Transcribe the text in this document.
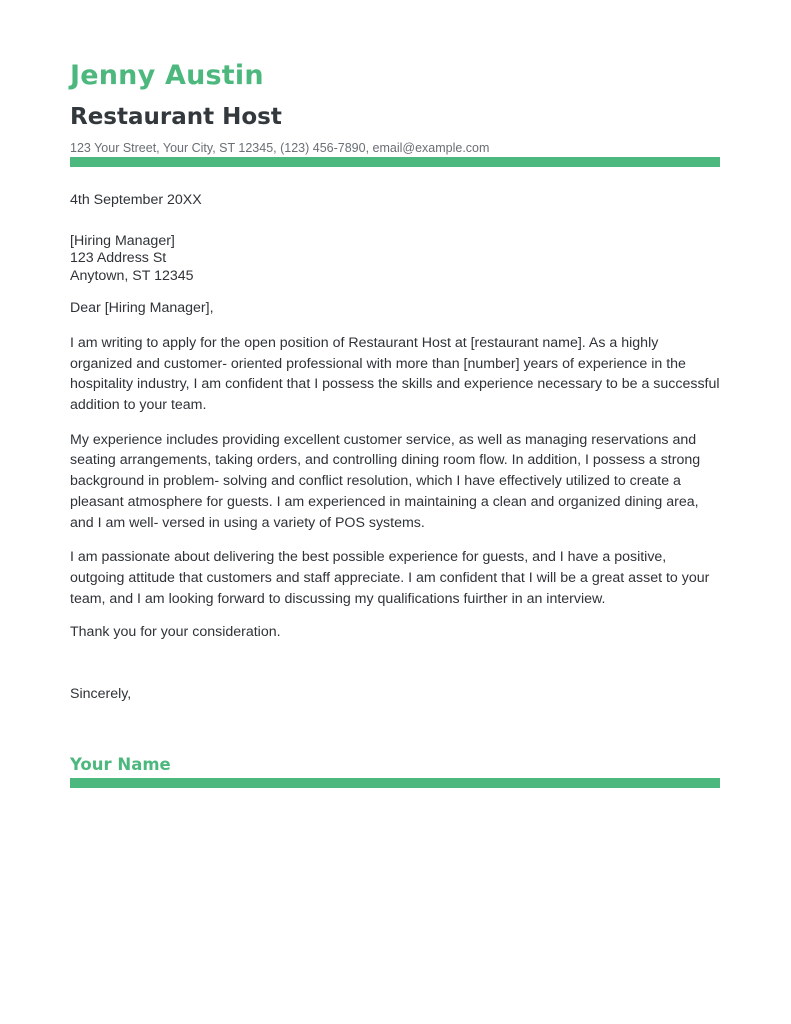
Jenny Austin
Restaurant Host
123 Your Street, Your City, ST 12345, (123) 456-7890, email@example.com
4th September 20XX
[Hiring Manager]
123 Address St
Anytown, ST 12345
Dear [Hiring Manager],

I am writing to apply for the open position of Restaurant Host at [restaurant name]. As a highly organized and customer- oriented professional with more than [number] years of experience in the hospitality industry, I am confident that I possess the skills and experience necessary to be a successful addition to your team.

My experience includes providing excellent customer service, as well as managing reservations and seating arrangements, taking orders, and controlling dining room flow. In addition, I possess a strong background in problem- solving and conflict resolution, which I have effectively utilized to create a pleasant atmosphere for guests. I am experienced in maintaining a clean and organized dining area, and I am well- versed in using a variety of POS systems.

I am passionate about delivering the best possible experience for guests, and I have a positive, outgoing attitude that customers and staff appreciate. I am confident that I will be a great asset to your team, and I am looking forward to discussing my qualifications fuirther in an interview.

Thank you for your consideration.
Sincerely,
Your Name
